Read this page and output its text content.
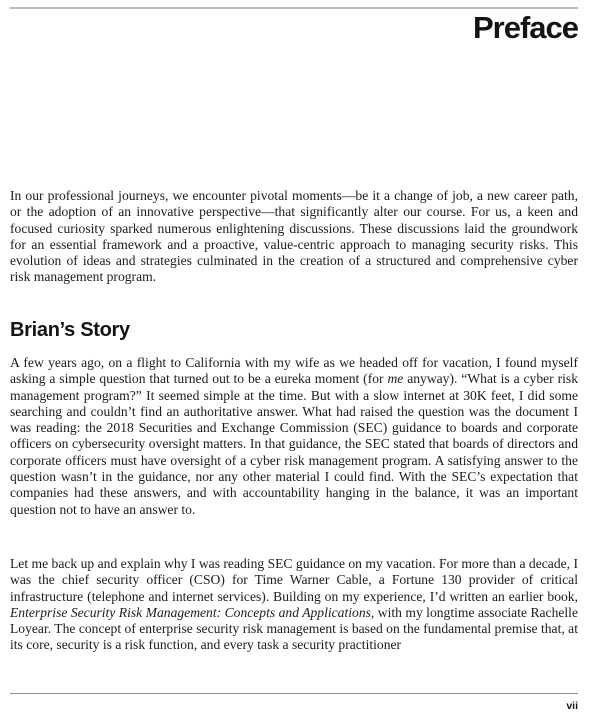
Preface

In our professional journeys, we encounter pivotal moments—be it a change of job, a new career path, or the adoption of an innovative perspective—that significantly alter our course. For us, a keen and focused curiosity sparked numerous enlightening discussions. These discussions laid the groundwork for an essential framework and a proactive, value-centric approach to managing security risks. This evolution of ideas and strategies culminated in the creation of a structured and comprehensive cyber risk management program.

Brian’s Story

A few years ago, on a flight to California with my wife as we headed off for vacation, I found myself asking a simple question that turned out to be a eureka moment (for me anyway). “What is a cyber risk management program?” It seemed simple at the time. But with a slow internet at 30K feet, I did some searching and couldn’t find an authoritative answer. What had raised the question was the document I was reading: the 2018 Securities and Exchange Commission (SEC) guidance to boards and corporate officers on cybersecurity oversight matters. In that guidance, the SEC stated that boards of directors and corporate officers must have oversight of a cyber risk management program. A satisfying answer to the question wasn’t in the guidance, nor any other material I could find. With the SEC’s expectation that companies had these answers, and with accountability hanging in the balance, it was an important question not to have an answer to.

Let me back up and explain why I was reading SEC guidance on my vacation. For more than a decade, I was the chief security officer (CSO) for Time Warner Cable, a Fortune 130 provider of critical infrastructure (telephone and internet services). Building on my experience, I’d written an earlier book, Enterprise Security Risk Management: Concepts and Applications, with my longtime associate Rachelle Loyear. The concept of enterprise security risk management is based on the fundamental premise that, at its core, security is a risk function, and every task a security practitioner

vii
